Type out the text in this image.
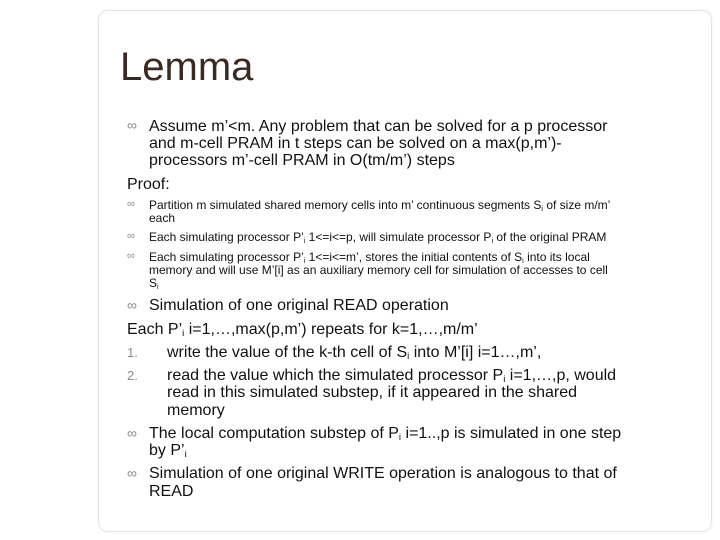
Lemma
∞ Assume m’<m. Any problem that can be solved for a p processor
and m-cell PRAM in t steps can be solved on a max(p,m’)-
processors m’-cell PRAM in O(tm/m’) steps
Proof:
∞ Partition m simulated shared memory cells into m’ continuous segments $S_i$ of size m/m’
each
∞ Each simulating processor $P’_i$ 1<=i<=p, will simulate processor $P_i$ of the original PRAM
∞ Each simulating processor $P’_i$ 1<=i<=m’, stores the initial contents of $S_i$ into its local
memory and will use M’[i] as an auxiliary memory cell for simulation of accesses to cell
$S_i$
∞ Simulation of one original READ operation
Each $P’_i$ i=1,…,max(p,m’) repeats for k=1,…,m/m’
1. write the value of the k-th cell of $S_i$ into M’[i] i=1…,m’,
2. read the value which the simulated processor $P_i$ i=1,…,p, would
read in this simulated substep, if it appeared in the shared
memory
∞ The local computation substep of $P_i$ i=1..,p is simulated in one step
by $P’_i$
∞ Simulation of one original WRITE operation is analogous to that of
READ
